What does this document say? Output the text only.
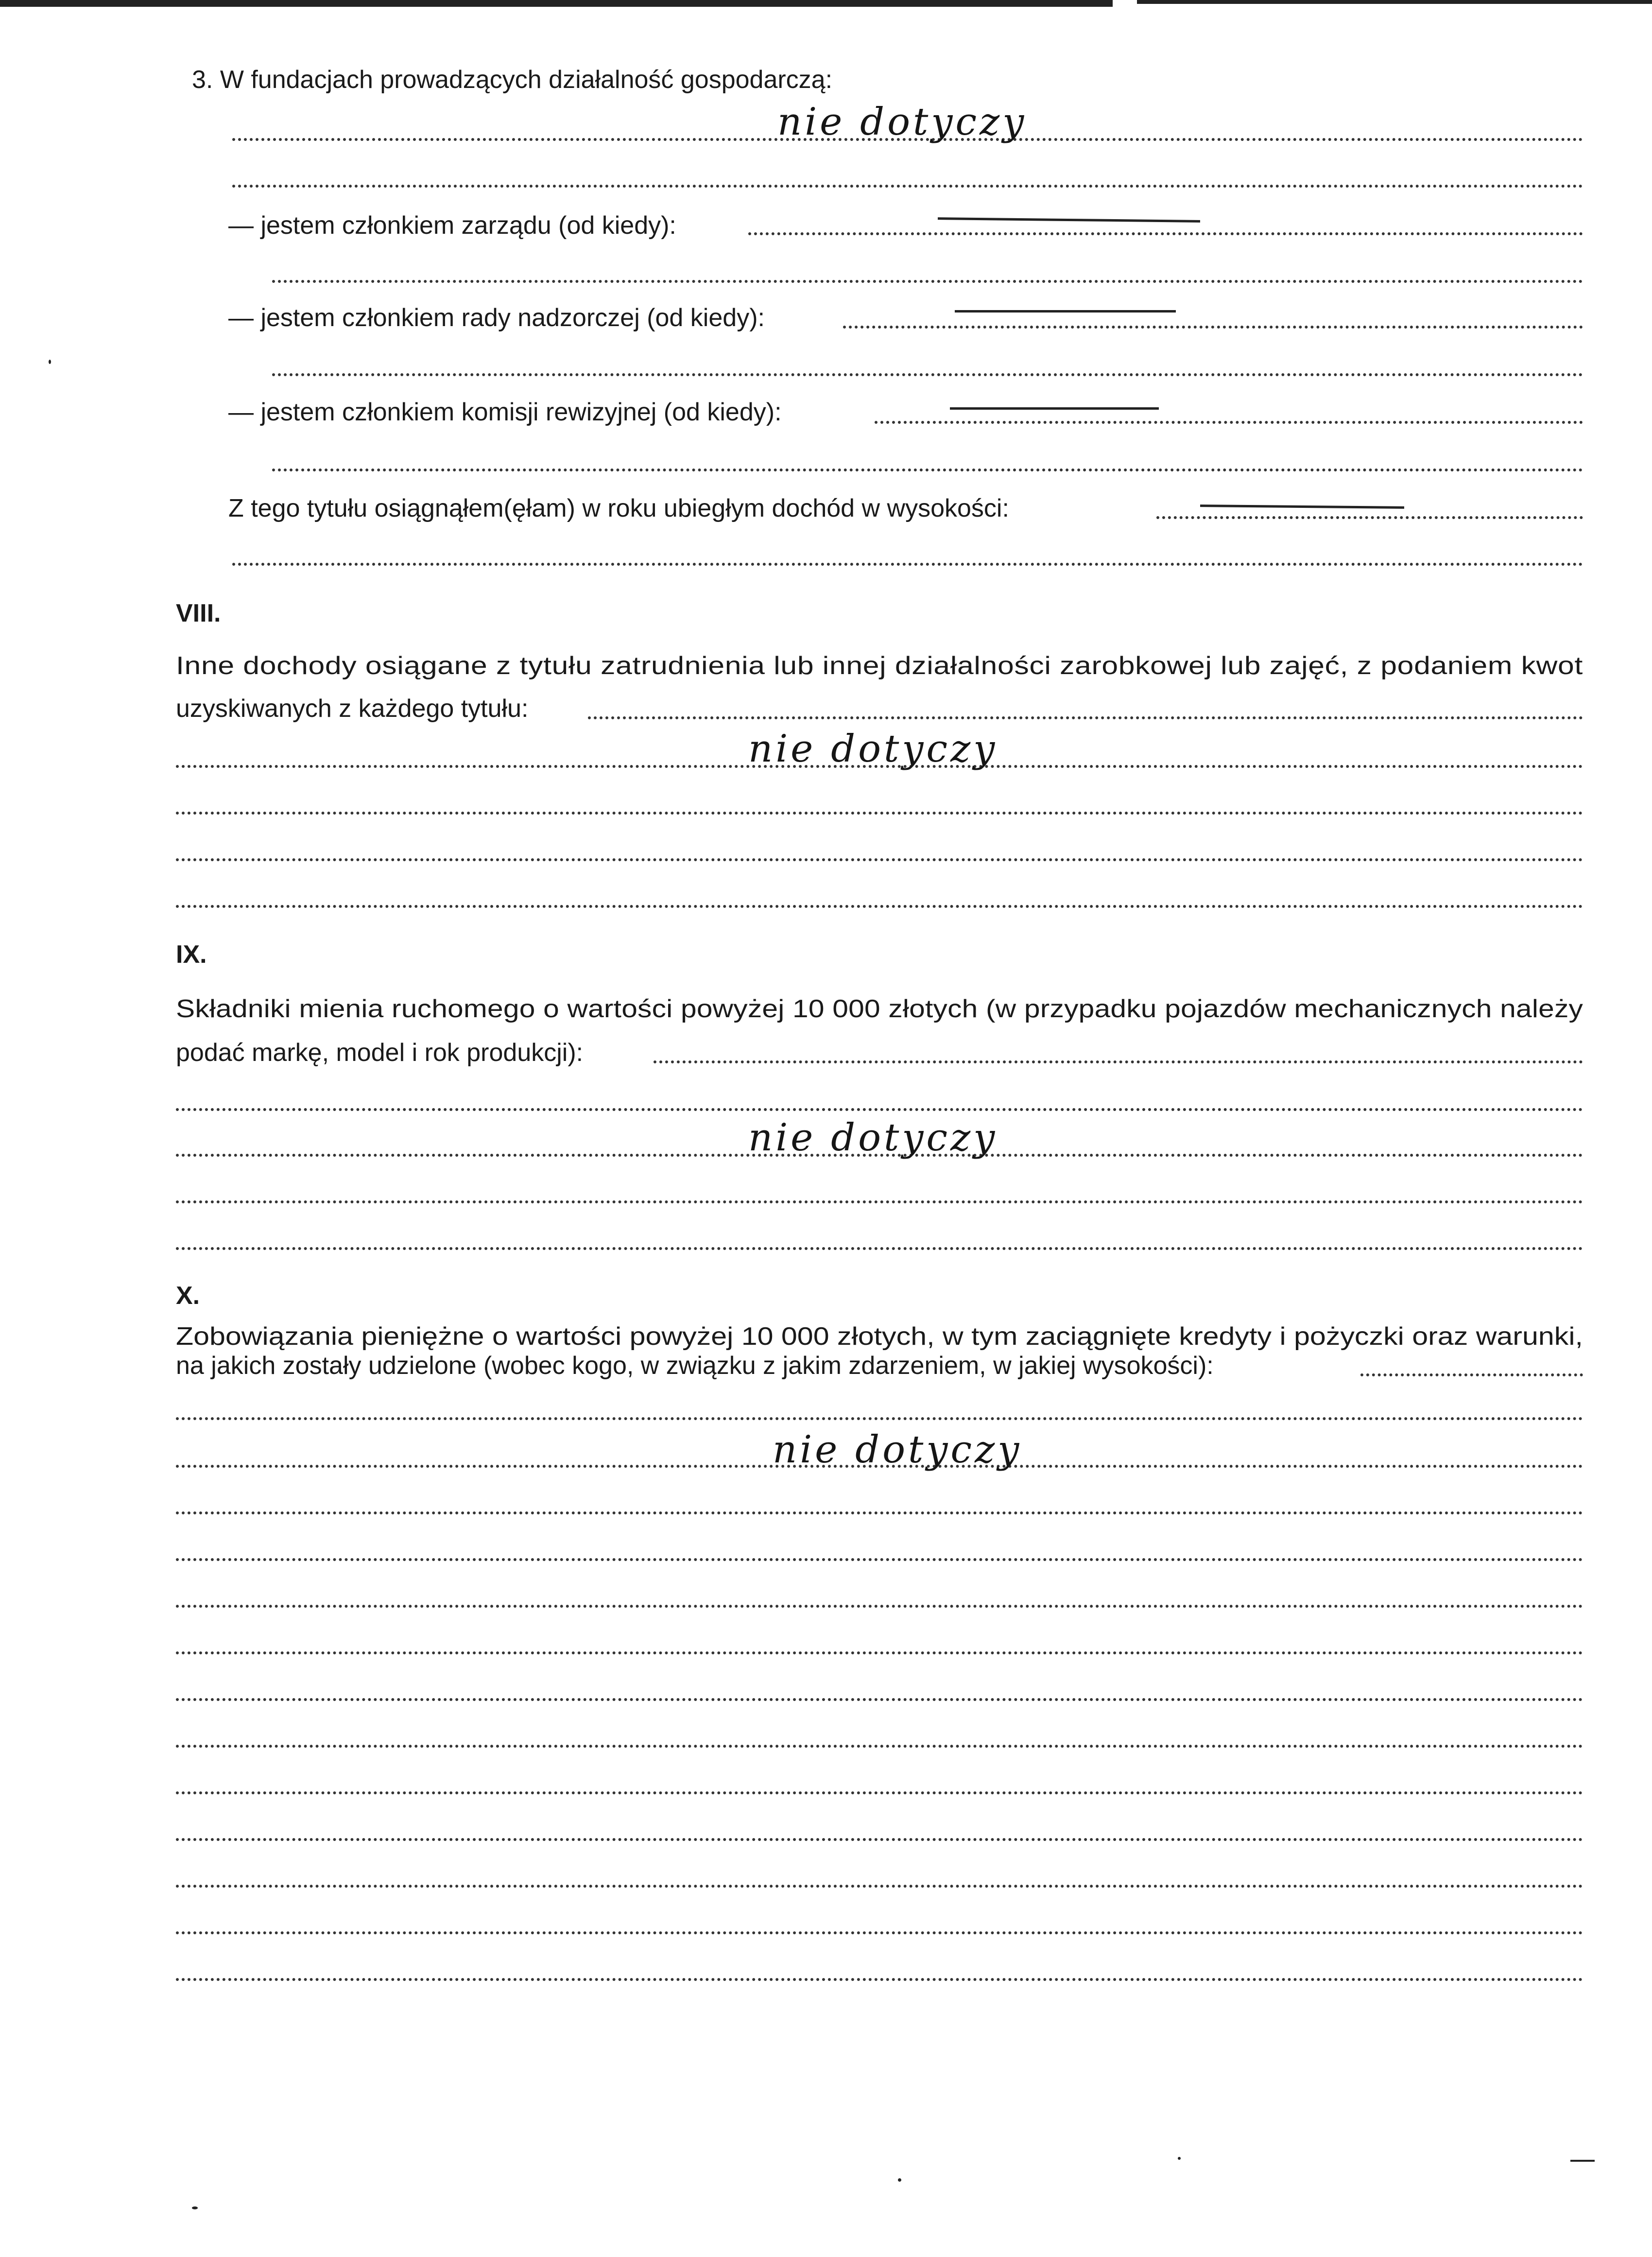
3. W fundacjach prowadzących działalność gospodarczą:
nie dotyczy
— jestem członkiem zarządu (od kiedy):
— jestem członkiem rady nadzorczej (od kiedy):
— jestem członkiem komisji rewizyjnej (od kiedy):
Z tego tytułu osiągnąłem(ęłam) w roku ubiegłym dochód w wysokości:
VIII.
Inne dochody osiągane z tytułu zatrudnienia lub innej działalności zarobkowej lub zajęć, z podaniem kwot
uzyskiwanych z każdego tytułu:
nie dotyczy
IX.
Składniki mienia ruchomego o wartości powyżej 10 000 złotych (w przypadku pojazdów mechanicznych należy
podać markę, model i rok produkcji):
nie dotyczy
X.
Zobowiązania pieniężne o wartości powyżej 10 000 złotych, w tym zaciągnięte kredyty i pożyczki oraz warunki,
na jakich zostały udzielone (wobec kogo, w związku z jakim zdarzeniem, w jakiej wysokości):
nie dotyczy
